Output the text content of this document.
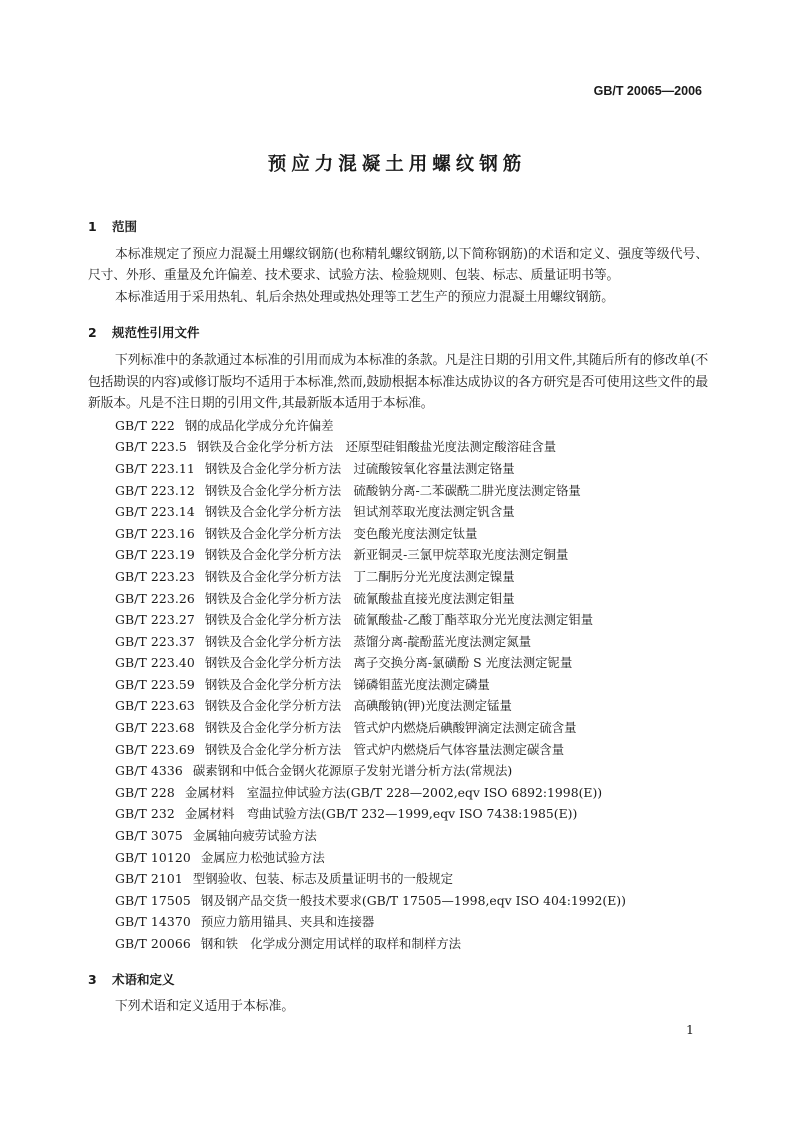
GB/T 20065—2006
预应力混凝土用螺纹钢筋
1	范围
本标准规定了预应力混凝土用螺纹钢筋(也称精轧螺纹钢筋,以下简称钢筋)的术语和定义、强度等级代号、尺寸、外形、重量及允许偏差、技术要求、试验方法、检验规则、包装、标志、质量证明书等。
本标准适用于采用热轧、轧后余热处理或热处理等工艺生产的预应力混凝土用螺纹钢筋。
2	规范性引用文件
下列标准中的条款通过本标准的引用而成为本标准的条款。凡是注日期的引用文件,其随后所有的修改单(不包括勘误的内容)或修订版均不适用于本标准,然而,鼓励根据本标准达成协议的各方研究是否可使用这些文件的最新版本。凡是不注日期的引用文件,其最新版本适用于本标准。
GB/T 222 钢的成品化学成分允许偏差
GB/T 223.5 钢铁及合金化学分析方法　还原型硅钼酸盐光度法测定酸溶硅含量
GB/T 223.11 钢铁及合金化学分析方法　过硫酸铵氧化容量法测定铬量
GB/T 223.12 钢铁及合金化学分析方法　硫酸钠分离-二苯碳酰二肼光度法测定铬量
GB/T 223.14 钢铁及合金化学分析方法　钽试剂萃取光度法测定钒含量
GB/T 223.16 钢铁及合金化学分析方法　变色酸光度法测定钛量
GB/T 223.19 钢铁及合金化学分析方法　新亚铜灵-三氯甲烷萃取光度法测定铜量
GB/T 223.23 钢铁及合金化学分析方法　丁二酮肟分光光度法测定镍量
GB/T 223.26 钢铁及合金化学分析方法　硫氰酸盐直接光度法测定钼量
GB/T 223.27 钢铁及合金化学分析方法　硫氰酸盐-乙酸丁酯萃取分光光度法测定钼量
GB/T 223.37 钢铁及合金化学分析方法　蒸馏分离-靛酚蓝光度法测定氮量
GB/T 223.40 钢铁及合金化学分析方法　离子交换分离-氯磺酚 S 光度法测定铌量
GB/T 223.59 钢铁及合金化学分析方法　锑磷钼蓝光度法测定磷量
GB/T 223.63 钢铁及合金化学分析方法　高碘酸钠(钾)光度法测定锰量
GB/T 223.68 钢铁及合金化学分析方法　管式炉内燃烧后碘酸钾滴定法测定硫含量
GB/T 223.69 钢铁及合金化学分析方法　管式炉内燃烧后气体容量法测定碳含量
GB/T 4336 碳素钢和中低合金钢火花源原子发射光谱分析方法(常规法)
GB/T 228 金属材料　室温拉伸试验方法(GB/T 228—2002,eqv ISO 6892:1998(E))
GB/T 232 金属材料　弯曲试验方法(GB/T 232—1999,eqv ISO 7438:1985(E))
GB/T 3075 金属轴向疲劳试验方法
GB/T 10120 金属应力松弛试验方法
GB/T 2101 型钢验收、包装、标志及质量证明书的一般规定
GB/T 17505 钢及钢产品交货一般技术要求(GB/T 17505—1998,eqv ISO 404:1992(E))
GB/T 14370 预应力筋用锚具、夹具和连接器
GB/T 20066 钢和铁　化学成分测定用试样的取样和制样方法
3	术语和定义
下列术语和定义适用于本标准。
1
